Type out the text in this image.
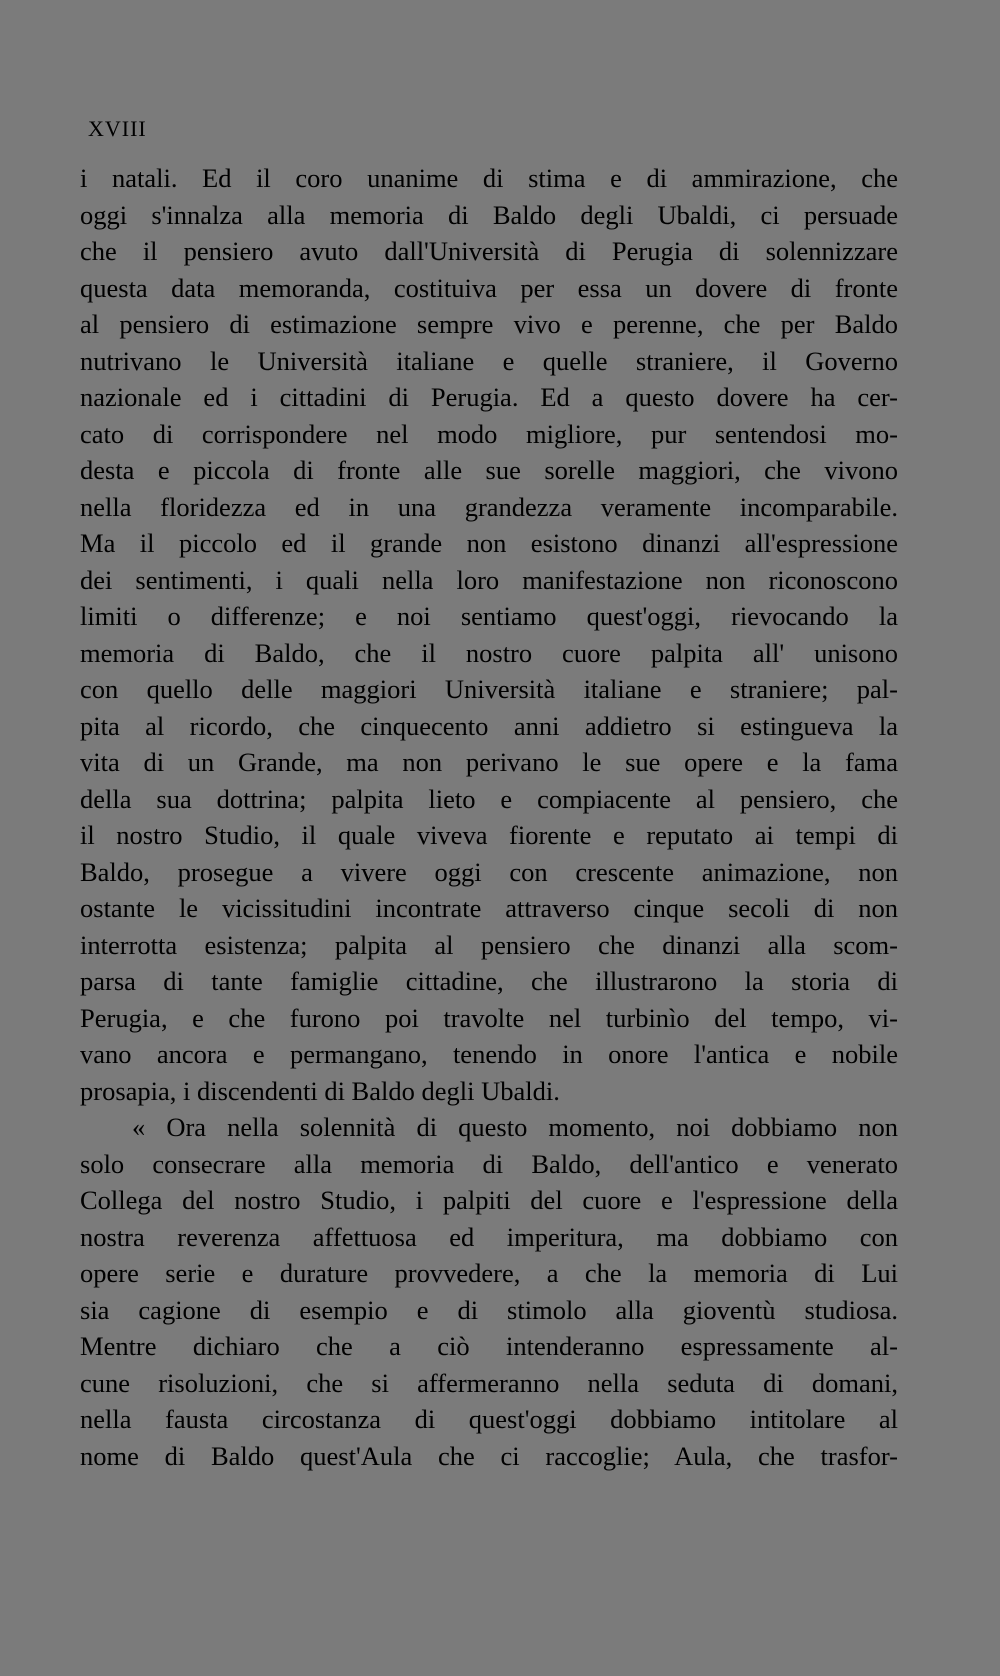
XVIII

i natali. Ed il coro unanime di stima e di ammirazione, che
oggi s'innalza alla memoria di Baldo degli Ubaldi, ci persuade
che il pensiero avuto dall'Università di Perugia di solennizzare
questa data memoranda, costituiva per essa un dovere di fronte
al pensiero di estimazione sempre vivo e perenne, che per Baldo
nutrivano le Università italiane e quelle straniere, il Governo
nazionale ed i cittadini di Perugia. Ed a questo dovere ha cer-
cato di corrispondere nel modo migliore, pur sentendosi mo-
desta e piccola di fronte alle sue sorelle maggiori, che vivono
nella floridezza ed in una grandezza veramente incomparabile.
Ma il piccolo ed il grande non esistono dinanzi all'espressione
dei sentimenti, i quali nella loro manifestazione non riconoscono
limiti o differenze; e noi sentiamo quest'oggi, rievocando la
memoria di Baldo, che il nostro cuore palpita all' unisono
con quello delle maggiori Università italiane e straniere; pal-
pita al ricordo, che cinquecento anni addietro si estingueva la
vita di un Grande, ma non perivano le sue opere e la fama
della sua dottrina; palpita lieto e compiacente al pensiero, che
il nostro Studio, il quale viveva fiorente e reputato ai tempi di
Baldo, prosegue a vivere oggi con crescente animazione, non
ostante le vicissitudini incontrate attraverso cinque secoli di non
interrotta esistenza; palpita al pensiero che dinanzi alla scom-
parsa di tante famiglie cittadine, che illustrarono la storia di
Perugia, e che furono poi travolte nel turbinìo del tempo, vi-
vano ancora e permangano, tenendo in onore l'antica e nobile
prosapia, i discendenti di Baldo degli Ubaldi.
« Ora nella solennità di questo momento, noi dobbiamo non
solo consecrare alla memoria di Baldo, dell'antico e venerato
Collega del nostro Studio, i palpiti del cuore e l'espressione della
nostra reverenza affettuosa ed imperitura, ma dobbiamo con
opere serie e durature provvedere, a che la memoria di Lui
sia cagione di esempio e di stimolo alla gioventù studiosa.
Mentre dichiaro che a ciò intenderanno espressamente al-
cune risoluzioni, che si affermeranno nella seduta di domani,
nella fausta circostanza di quest'oggi dobbiamo intitolare al
nome di Baldo quest'Aula che ci raccoglie; Aula, che trasfor-
